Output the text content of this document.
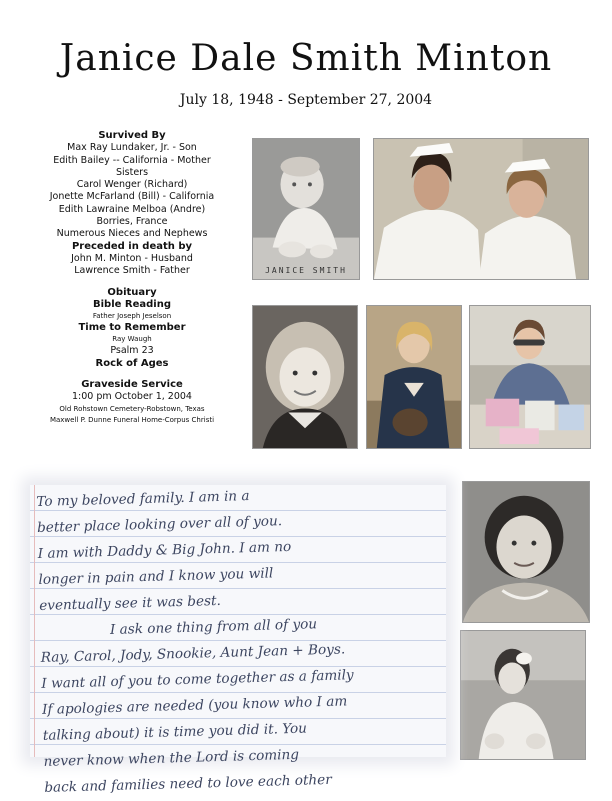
Janice Dale Smith Minton
July 18, 1948 - September 27, 2004
Survived By
Max Ray Lundaker, Jr. - Son
Edith Bailey -- California - Mother
Sisters
Carol Wenger (Richard)
Jonette McFarland (Bill) - California
Edith Lawraine Melboa (Andre)
Borries, France
Numerous Nieces and Nephews
Preceded in death by
John M. Minton - Husband
Lawrence Smith - Father
Obituary
Bible Reading
Father Joseph Jeselson
Time to Remember
Ray Waugh
Psalm 23
Rock of Ages
Graveside Service
1:00 pm October 1, 2004
Old Rohstown Cemetery-Robstown, Texas
Maxwell P. Dunne Funeral Home-Corpus Christi
JANICE SMITH
To my beloved family. I am in a
better place looking over all of you.
I am with Daddy & Big John. I am no
longer in pain and I know you will
eventually see it was best.
I ask one thing from all of you
Ray, Carol, Jody, Snookie, Aunt Jean + Boys.
I want all of you to come together as a family
If apologies are needed (you know who I am
talking about) it is time you did it. You
never know when the Lord is coming
back and families need to love each other
